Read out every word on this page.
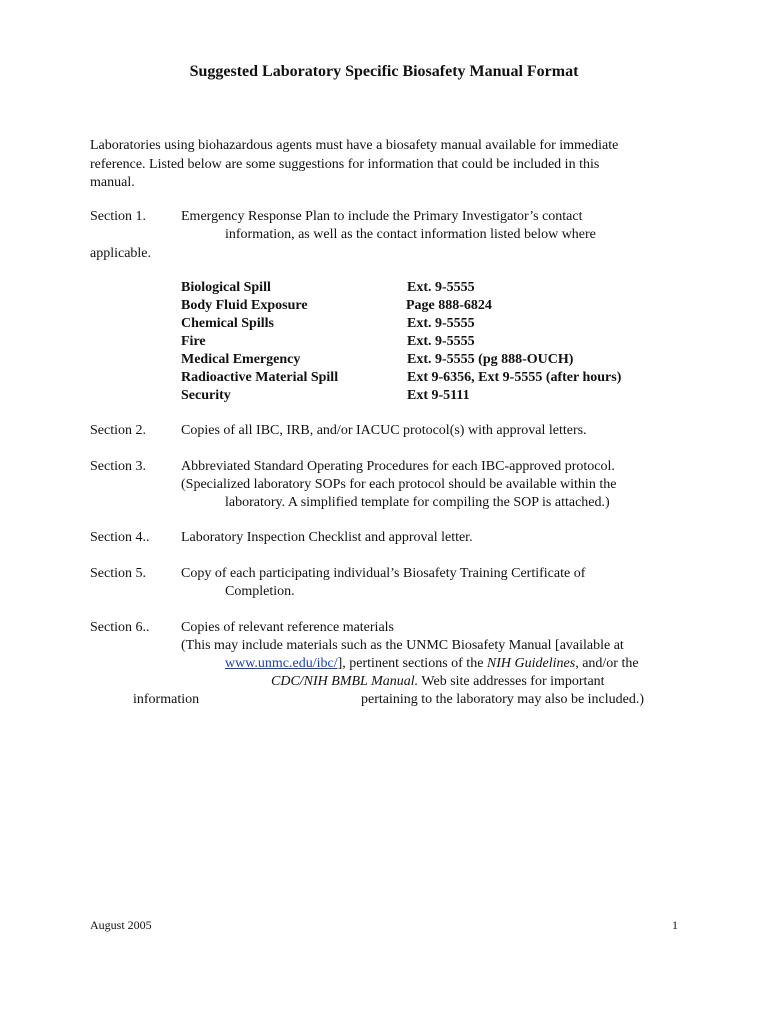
Suggested Laboratory Specific Biosafety Manual Format
Laboratories using biohazardous agents must have a biosafety manual available for immediate
reference. Listed below are some suggestions for information that could be included in this
manual.
Section 1.	Emergency Response Plan to include the Primary Investigator’s contact
information, as well as the contact information listed below where
applicable.
Biological Spill	Ext. 9-5555
Body Fluid Exposure	Page 888-6824
Chemical Spills	Ext. 9-5555
Fire	Ext. 9-5555
Medical Emergency	Ext. 9-5555 (pg 888-OUCH)
Radioactive Material Spill	Ext 9-6356, Ext 9-5555 (after hours)
Security	Ext 9-5111
Section 2.	Copies of all IBC, IRB, and/or IACUC protocol(s) with approval letters.
Section 3.	Abbreviated Standard Operating Procedures for each IBC-approved protocol.
(Specialized laboratory SOPs for each protocol should be available within the
laboratory. A simplified template for compiling the SOP is attached.)
Section 4.. Laboratory Inspection Checklist and approval letter.
Section 5.	Copy of each participating individual’s Biosafety Training Certificate of
Completion.
Section 6.. Copies of relevant reference materials
(This may include materials such as the UNMC Biosafety Manual [available at
www.unmc.edu/ibc/], pertinent sections of the NIH Guidelines, and/or the
CDC/NIH BMBL Manual. Web site addresses for important
information	pertaining to the laboratory may also be included.)
August 2005	1
